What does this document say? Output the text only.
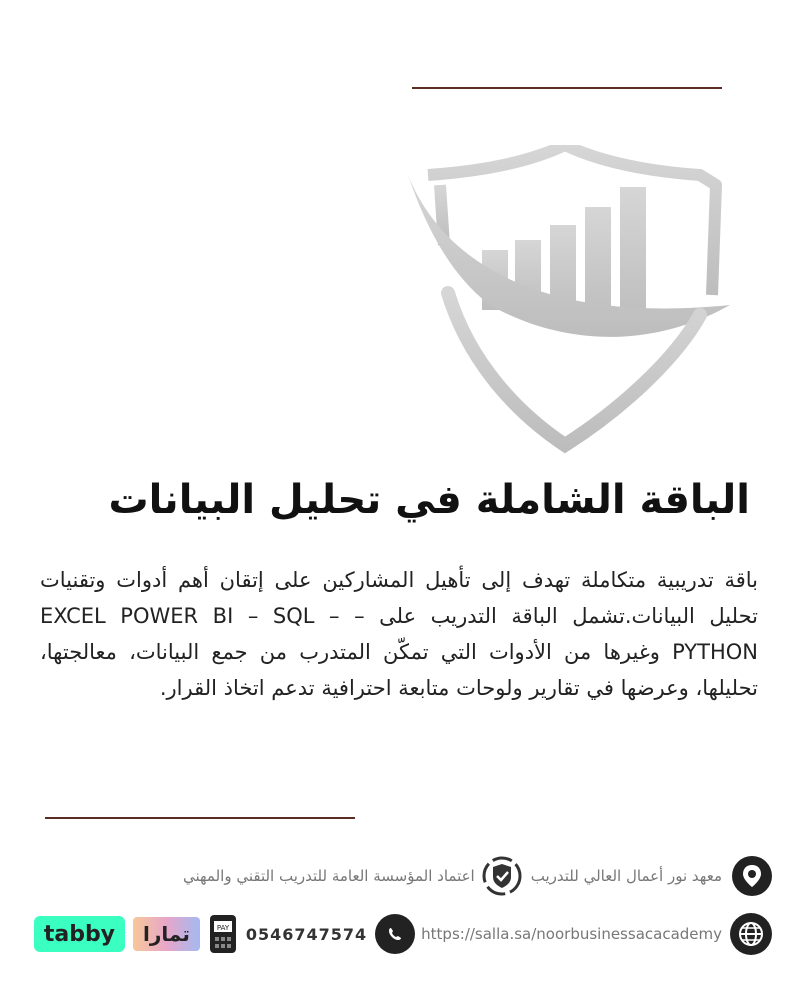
الباقة الشاملة في تحليل البيانات
باقة تدريبية متكاملة تهدف إلى تأهيل المشاركين على إتقان أهم أدوات وتقنيات تحليل البيانات.تشمل الباقة التدريب على – EXCEL POWER BI – SQL – PYTHON وغيرها من الأدوات التي تمكّن المتدرب من جمع البيانات، معالجتها، تحليلها، وعرضها في تقارير ولوحات متابعة احترافية تدعم اتخاذ القرار.
معهد نور أعمال العالي للتدريب
اعتماد المؤسسة العامة للتدريب التقني والمهني
https://salla.sa/noorbusinessacacademy
0546747574
PAY
تمارا
tabby
